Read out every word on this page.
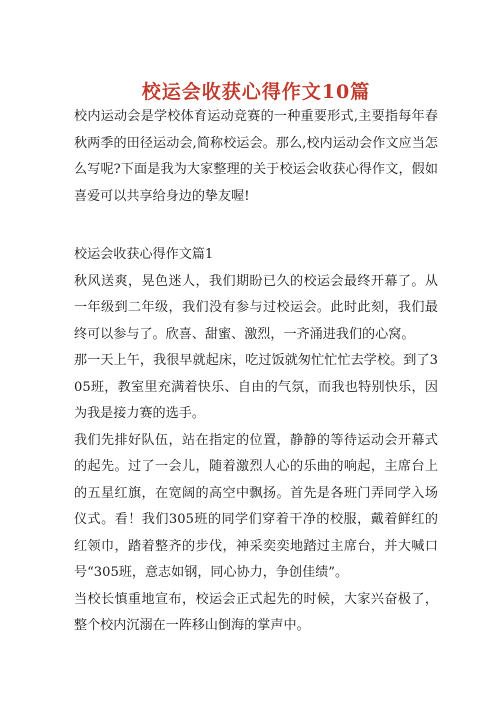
校运会收获心得作文10篇

校内运动会是学校体育运动竞赛的一种重要形式,主要指每年春秋两季的田径运动会,简称校运会。那么,校内运动会作文应当怎么写呢?下面是我为大家整理的关于校运会收获心得作文，假如喜爱可以共享给身边的挚友喔!

校运会收获心得作文篇1

秋风送爽，晃色迷人，我们期盼已久的校运会最终开幕了。从一年级到二年级，我们没有参与过校运会。此时此刻，我们最终可以参与了。欣喜、甜蜜、激烈，一齐涌进我们的心窝。

那一天上午，我很早就起床，吃过饭就匆忙忙忙去学校。到了305班，教室里充满着快乐、自由的气氛，而我也特别快乐，因为我是接力赛的选手。

我们先排好队伍，站在指定的位置，静静的等待运动会开幕式的起先。过了一会儿，随着激烈人心的乐曲的响起，主席台上的五星红旗，在宽阔的高空中飘扬。首先是各班门弄同学入场仪式。看！我们305班的同学们穿着干净的校服，戴着鲜红的红领巾，踏着整齐的步伐，神采奕奕地踏过主席台，并大喊口号“305班，意志如钢，同心协力，争创佳绩”。

当校长慎重地宣布，校运会正式起先的时候，大家兴奋极了，整个校内沉溺在一阵移山倒海的掌声中。
